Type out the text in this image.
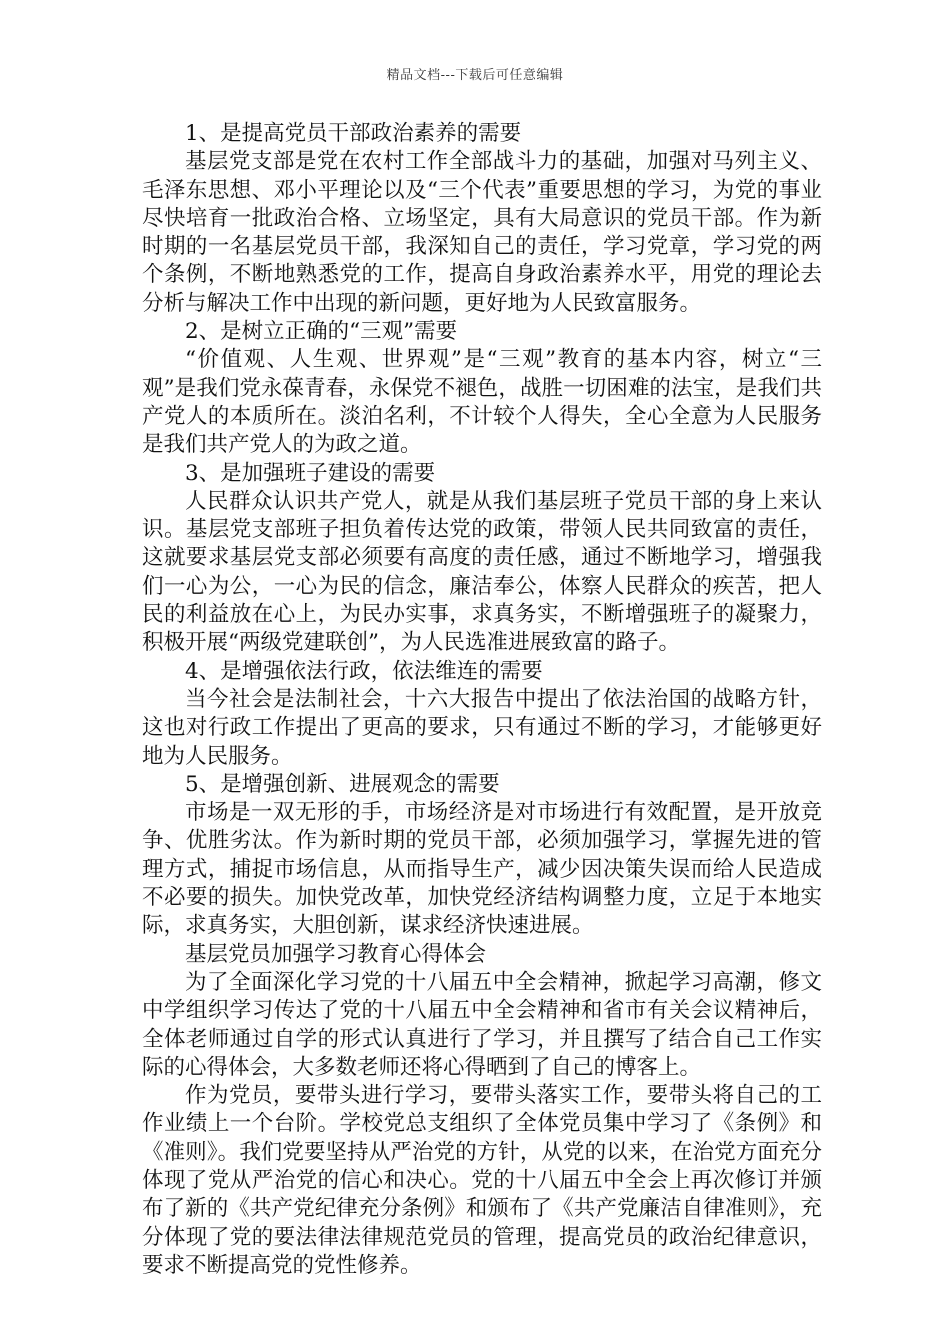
精品文档---下载后可任意编辑

1、是提高党员干部政治素养的需要

基层党支部是党在农村工作全部战斗力的基础，加强对马列主义、毛泽东思想、邓小平理论以及“三个代表”重要思想的学习，为党的事业尽快培育一批政治合格、立场坚定，具有大局意识的党员干部。作为新时期的一名基层党员干部，我深知自己的责任，学习党章，学习党的两个条例，不断地熟悉党的工作，提高自身政治素养水平，用党的理论去分析与解决工作中出现的新问题，更好地为人民致富服务。

2、是树立正确的“三观”需要

“价值观、人生观、世界观”是“三观”教育的基本内容，树立“三观”是我们党永葆青春，永保党不褪色，战胜一切困难的法宝，是我们共产党人的本质所在。淡泊名利，不计较个人得失，全心全意为人民服务是我们共产党人的为政之道。

3、是加强班子建设的需要

人民群众认识共产党人，就是从我们基层班子党员干部的身上来认识。基层党支部班子担负着传达党的政策，带领人民共同致富的责任，这就要求基层党支部必须要有高度的责任感，通过不断地学习，增强我们一心为公，一心为民的信念，廉洁奉公，体察人民群众的疾苦，把人民的利益放在心上，为民办实事，求真务实，不断增强班子的凝聚力，积极开展“两级党建联创”，为人民选准进展致富的路子。

4、是增强依法行政，依法维连的需要

当今社会是法制社会，十六大报告中提出了依法治国的战略方针，这也对行政工作提出了更高的要求，只有通过不断的学习，才能够更好地为人民服务。

5、是增强创新、进展观念的需要

市场是一双无形的手，市场经济是对市场进行有效配置，是开放竞争、优胜劣汰。作为新时期的党员干部，必须加强学习，掌握先进的管理方式，捕捉市场信息，从而指导生产，减少因决策失误而给人民造成不必要的损失。加快党改革，加快党经济结构调整力度，立足于本地实际，求真务实，大胆创新，谋求经济快速进展。

基层党员加强学习教育心得体会

为了全面深化学习党的十八届五中全会精神，掀起学习高潮，修文中学组织学习传达了党的十八届五中全会精神和省市有关会议精神后，全体老师通过自学的形式认真进行了学习，并且撰写了结合自己工作实际的心得体会，大多数老师还将心得晒到了自己的博客上。

作为党员，要带头进行学习，要带头落实工作，要带头将自己的工作业绩上一个台阶。学校党总支组织了全体党员集中学习了《条例》和《准则》。我们党要坚持从严治党的方针，从党的以来，在治党方面充分体现了党从严治党的信心和决心。党的十八届五中全会上再次修订并颁布了新的《共产党纪律充分条例》和颁布了《共产党廉洁自律准则》，充分体现了党的要法律法律规范党员的管理，提高党员的政治纪律意识，要求不断提高党的党性修养。
